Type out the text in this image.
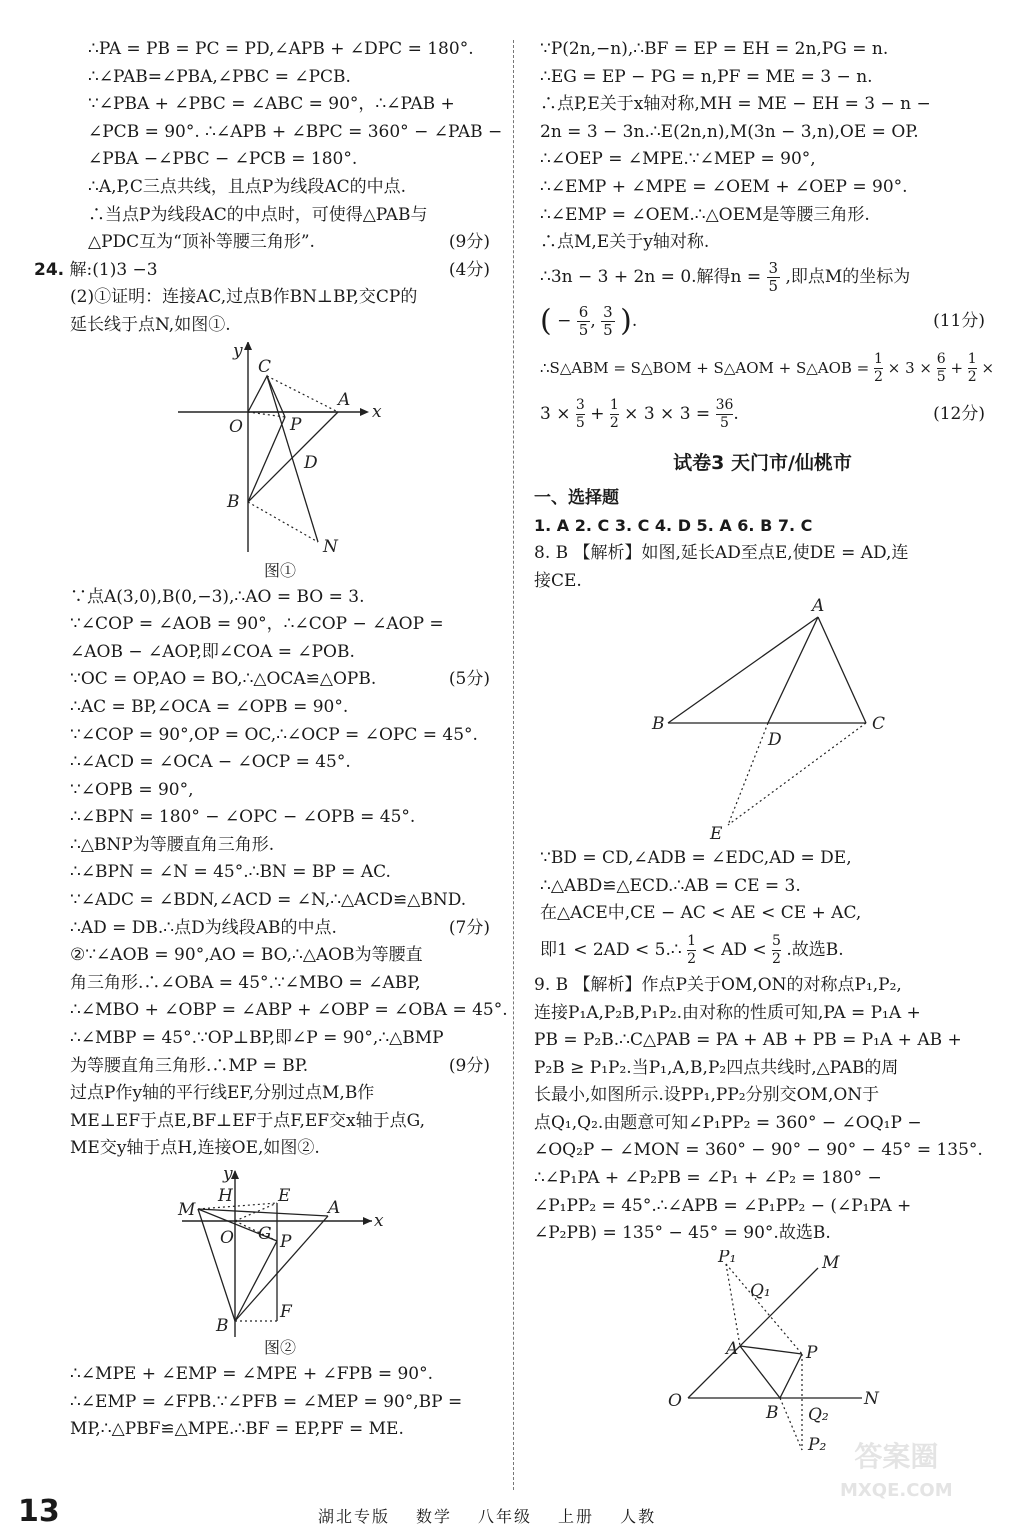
∴PA = PB = PC = PD,∠APB + ∠DPC = 180°.
∴∠PAB=∠PBA,∠PBC = ∠PCB.
∵∠PBA + ∠PBC = ∠ABC = 90°，∴∠PAB +
∠PCB = 90°. ∴∠APB + ∠BPC = 360° − ∠PAB −
∠PBA −∠PBC − ∠PCB = 180°.
∴A,P,C三点共线，且点P为线段AC的中点.
∴当点P为线段AC的中点时，可使得△PAB与
△PDC互为“顶补等腰三角形”.	(9分)
24. 解:(1)3 −3	(4分)
(2)①证明：连接AC,过点B作BN⊥BP,交CP的
延长线于点N,如图①.
y
x
C
A
O	P
D
B
N
图①
∵点A(3,0),B(0,−3),∴AO = BO = 3.
∵∠COP = ∠AOB = 90°，∴∠COP − ∠AOP =
∠AOB − ∠AOP,即∠COA = ∠POB.
∵OC = OP,AO = BO,∴△OCA≌△OPB.	(5分)
∴AC = BP,∠OCA = ∠OPB = 90°.
∵∠COP = 90°,OP = OC,∴∠OCP = ∠OPC = 45°.
∴∠ACD = ∠OCA − ∠OCP = 45°.
∵∠OPB = 90°,
∴∠BPN = 180° − ∠OPC − ∠OPB = 45°.
∴△BNP为等腰直角三角形.
∴∠BPN = ∠N = 45°.∴BN = BP = AC.
∵∠ADC = ∠BDN,∠ACD = ∠N,∴△ACD≌△BND.
∴AD = DB.∴点D为线段AB的中点.	(7分)
②∵∠AOB = 90°,AO = BO,∴△AOB为等腰直
角三角形.∴∠OBA = 45°.∵∠MBO = ∠ABP,
∴∠MBO + ∠OBP = ∠ABP + ∠OBP = ∠OBA = 45°.
∴∠MBP = 45°.∵OP⊥BP,即∠P = 90°,∴△BMP
为等腰直角三角形.∴MP = BP.	(9分)
过点P作y轴的平行线EF,分别过点M,B作
ME⊥EF于点E,BF⊥EF于点F,EF交x轴于点G,
ME交y轴于点H,连接OE,如图②.
y
x
H	E
M	A
O G P
B
F
图②
∴∠MPE + ∠EMP = ∠MPE + ∠FPB = 90°.
∴∠EMP = ∠FPB.∵∠PFB = ∠MEP = 90°,BP =
MP,∴△PBF≌△MPE.∴BF = EP,PF = ME.
∵P(2n,−n),∴BF = EP = EH = 2n,PG = n.
∴EG = EP − PG = n,PF = ME = 3 − n.
∴点P,E关于x轴对称,MH = ME − EH = 3 − n −
2n = 3 − 3n.∴E(2n,n),M(3n − 3,n),OE = OP.
∴∠OEP = ∠MPE.∵∠MEP = 90°,
∴∠EMP + ∠MPE = ∠OEM + ∠OEP = 90°.
∴∠EMP = ∠OEM.∴△OEM是等腰三角形.
∴点M,E关于y轴对称.
∴3n − 3 + 2n = 0.解得$n = \frac{3}{5}$ ,即点M的坐标为
( − $\frac{6}{5}$ , $\frac{3}{5}$ ).	(11分)
∴S△ABM = S△BOM + S△AOM + S△AOB = $\frac{1}{2} \times 3 \times \frac{6}{5} + \frac{1}{2}$ ×
$3 \times \frac{3}{5} + \frac{1}{2} \times 3 \times 3 = \frac{36}{5}$ .	(12分)
试卷3 天门市/仙桃市
一、选择题
1. A 2. C 3. C 4. D 5. A 6. B 7. C
8. B 【解析】如图,延长AD至点E,使DE = AD,连
接CE.
A
B	C
D
E
∵BD = CD,∠ADB = ∠EDC,AD = DE,
∴△ABD≌△ECD.∴AB = CE = 3.
在△ACE中,CE − AC < AE < CE + AC,
即1 < 2AD < 5.∴ $\frac{1}{2}$ < AD < $\frac{5}{2}$ .故选B.
9. B 【解析】作点P关于OM,ON的对称点P₁,P₂,
连接P₁A,P₂B,P₁P₂.由对称的性质可知,PA = P₁A +
PB = P₂B.∴C△PAB = PA + AB + PB = P₁A + AB +
P₂B ≥ P₁P₂.当P₁,A,B,P₂四点共线时,△PAB的周
长最小,如图所示.设PP₁,PP₂分别交OM,ON于
点Q₁,Q₂.由题意可知∠P₁PP₂ = 360° − ∠OQ₁P −
∠OQ₂P − ∠MON = 360° − 90° − 90° − 45° = 135°.
∴∠P₁PA + ∠P₂PB = ∠P₁ + ∠P₂ = 180° −
∠P₁PP₂ = 45°.∴∠APB = ∠P₁PP₂ − (∠P₁PA +
∠P₂PB) = 135° − 45° = 90°.故选B.
P₁	M
Q₁
A	P
O	N
B Q₂
P₂
13	湖北专版 数学 八年级 上册 人教
答案圈
MXQE.COM
